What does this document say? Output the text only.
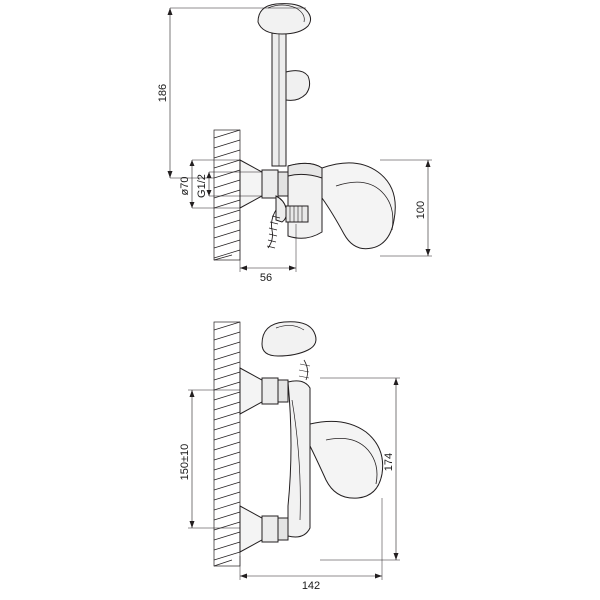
186
ø70 G1/2
56
100
150±10	174
142
